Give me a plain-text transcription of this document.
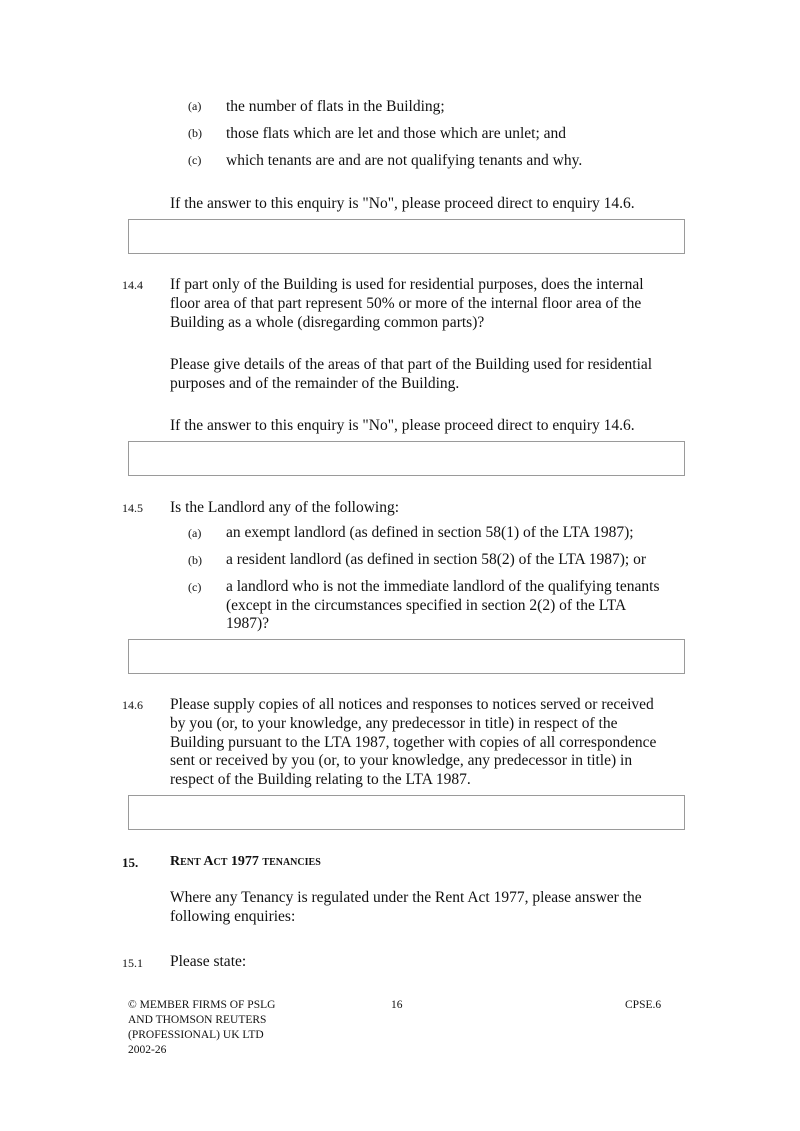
(a) the number of flats in the Building;
(b) those flats which are let and those which are unlet; and
(c) which tenants are and are not qualifying tenants and why.
If the answer to this enquiry is "No", please proceed direct to enquiry 14.6.
14.4 If part only of the Building is used for residential purposes, does the internal
floor area of that part represent 50% or more of the internal floor area of the
Building as a whole (disregarding common parts)?
Please give details of the areas of that part of the Building used for residential
purposes and of the remainder of the Building.
If the answer to this enquiry is "No", please proceed direct to enquiry 14.6.
14.5 Is the Landlord any of the following:
(a) an exempt landlord (as defined in section 58(1) of the LTA 1987);
(b) a resident landlord (as defined in section 58(2) of the LTA 1987); or
(c) a landlord who is not the immediate landlord of the qualifying tenants
(except in the circumstances specified in section 2(2) of the LTA
1987)?
14.6 Please supply copies of all notices and responses to notices served or received
by you (or, to your knowledge, any predecessor in title) in respect of the
Building pursuant to the LTA 1987, together with copies of all correspondence
sent or received by you (or, to your knowledge, any predecessor in title) in
respect of the Building relating to the LTA 1987.
15. Rent Act 1977 tenancies
Where any Tenancy is regulated under the Rent Act 1977, please answer the
following enquiries:
15.1 Please state:
© MEMBER FIRMS OF PSLG
AND THOMSON REUTERS
(PROFESSIONAL) UK LTD
2002-26
16	CPSE.6
